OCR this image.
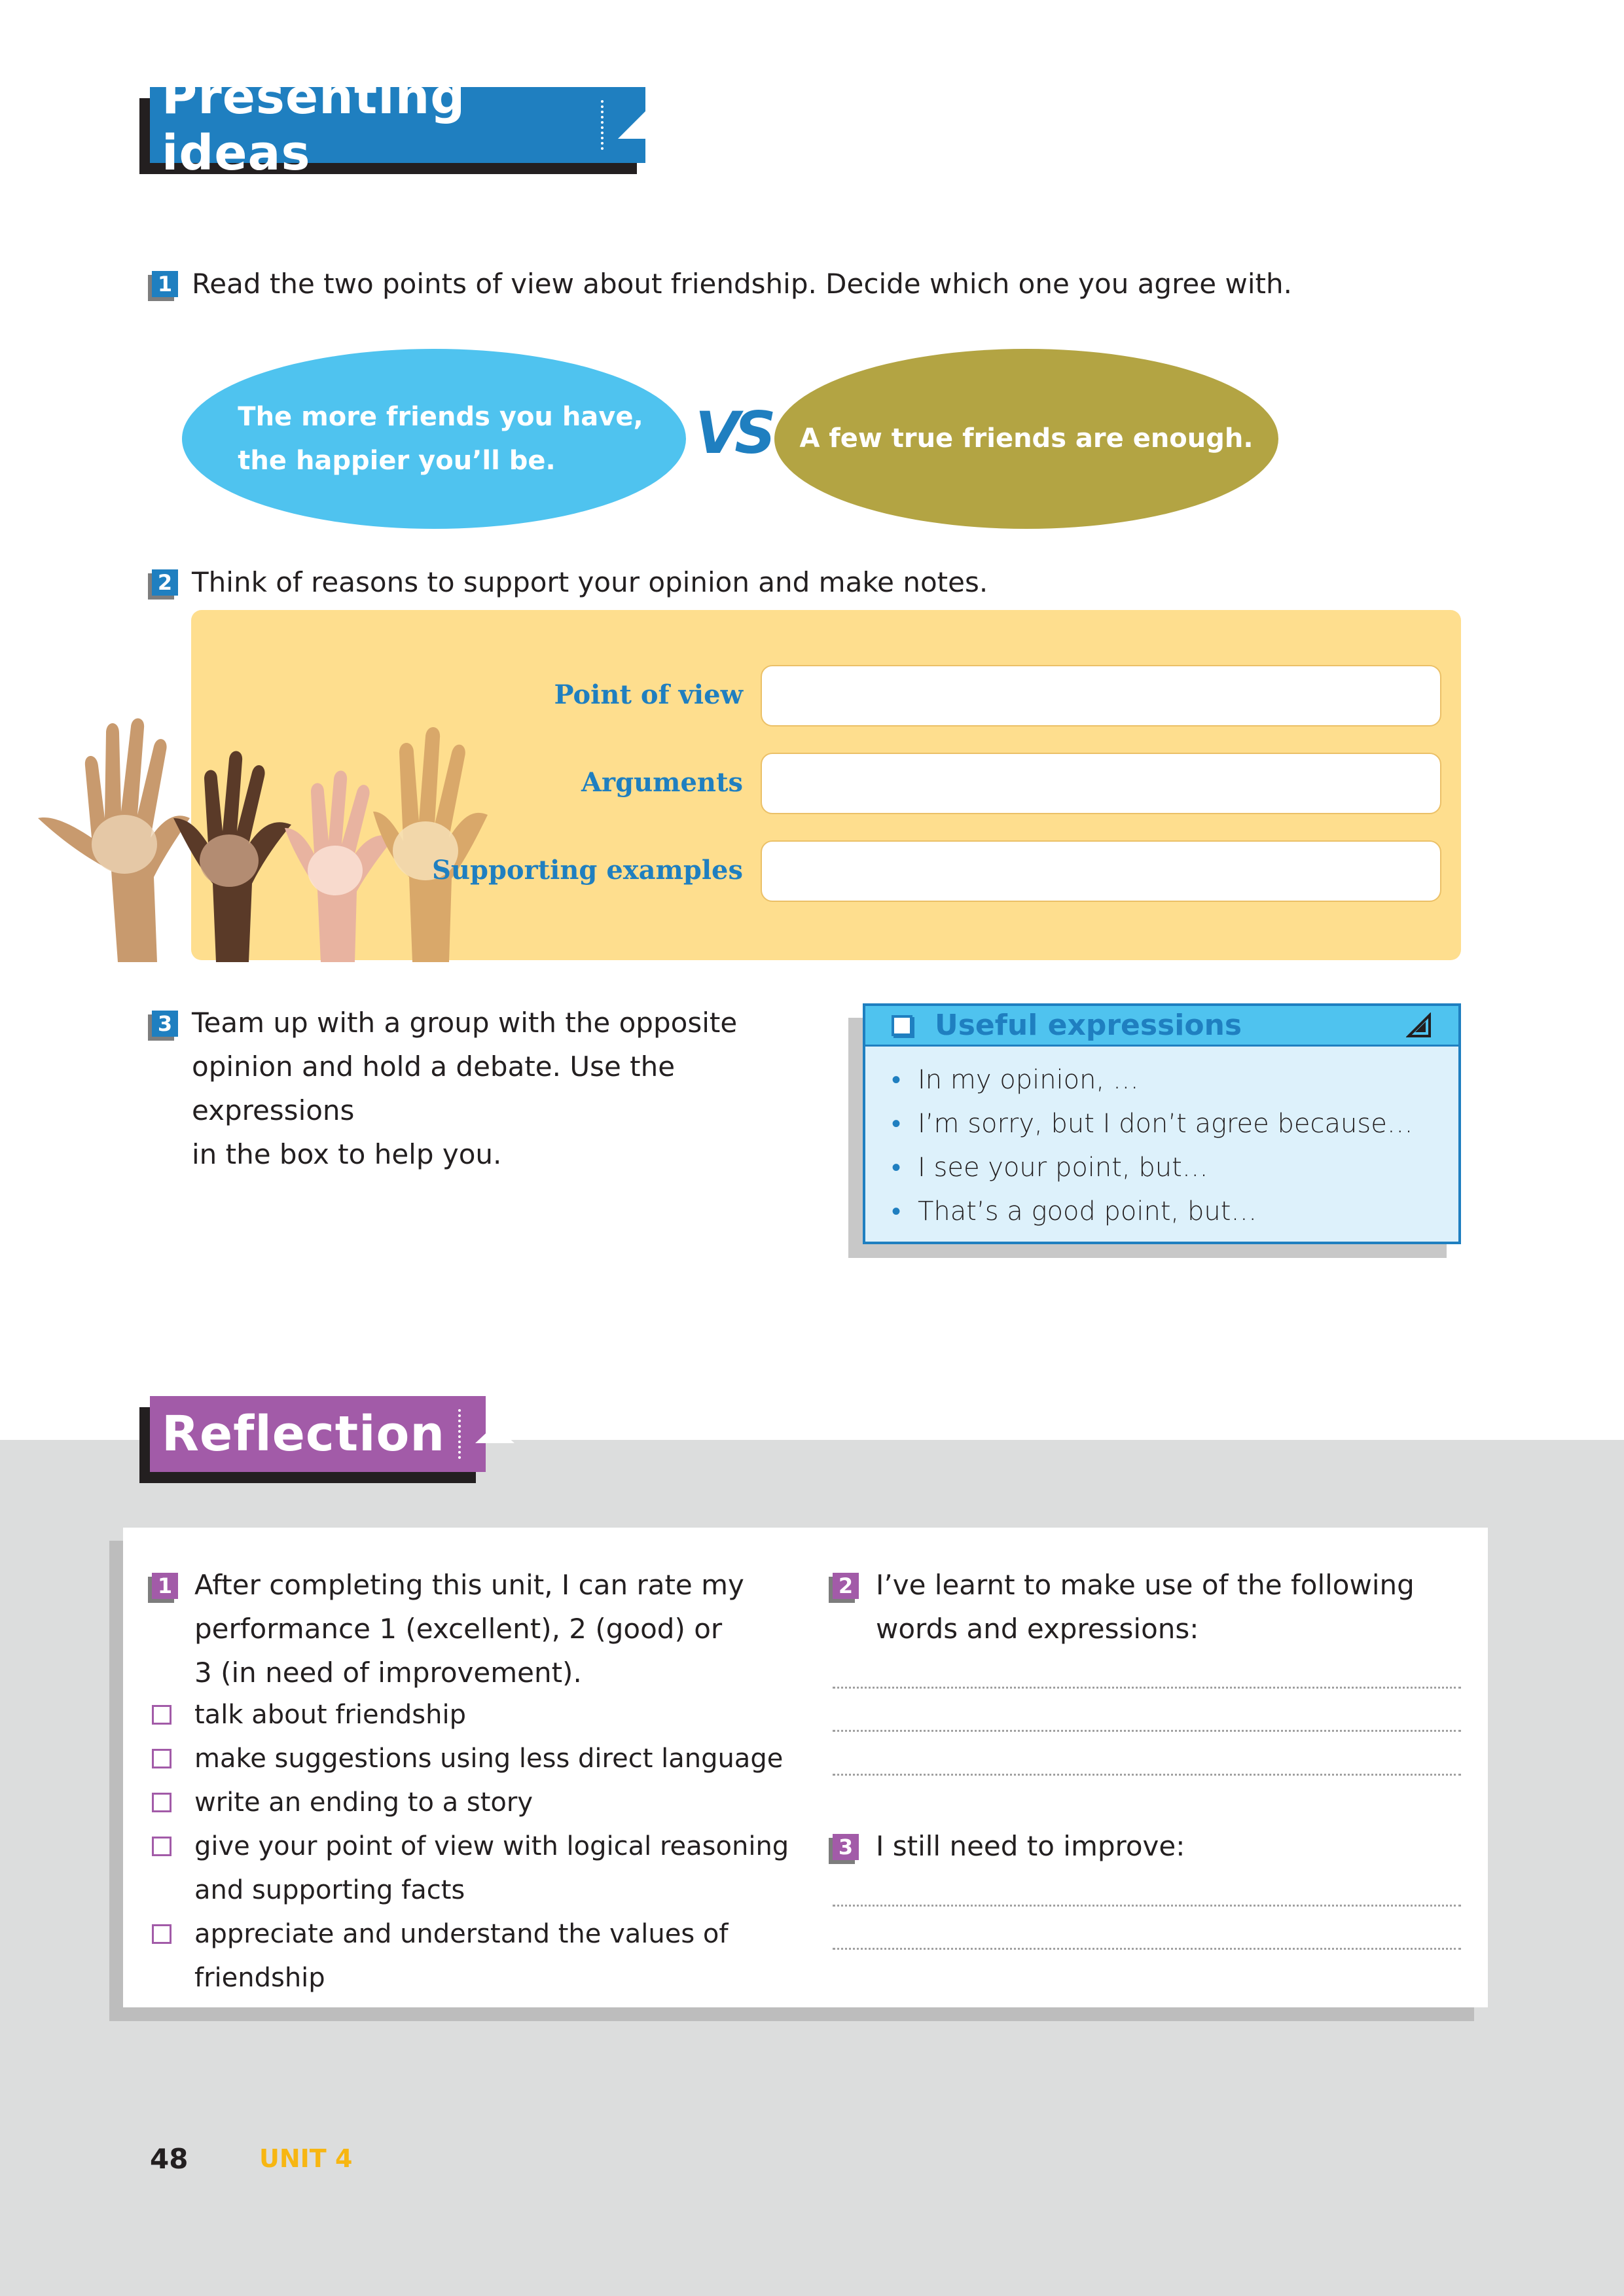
Presenting ideas
1 Read the two points of view about friendship. Decide which one you agree with.
The more friends you have,
the happier you’ll be.	VS A few true friends are enough.
2 Think of reasons to support your opinion and make notes.
Point of view
Arguments
Supporting examples
3 Team up with a group with the opposite
opinion and hold a debate. Use the expressions
in the box to help you.
Useful expressions
• In my opinion, …
• I’m sorry, but I don’t agree because…
• I see your point, but…
• That’s a good point, but…
Reflection
1 After completing this unit, I can rate my
performance 1 (excellent), 2 (good) or
3 (in need of improvement).
talk about friendship
make suggestions using less direct language
write an ending to a story
give your point of view with logical reasoning
and supporting facts
appreciate and understand the values of
friendship
2 I’ve learnt to make use of the following
words and expressions:
3 I still need to improve:
48	UNIT 4
